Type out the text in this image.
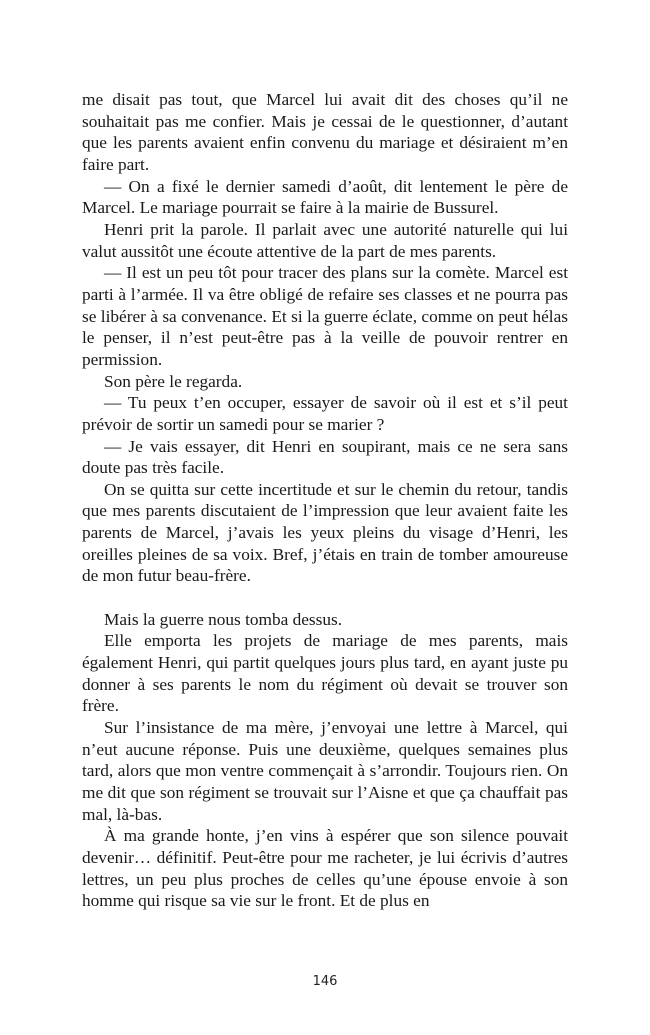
me disait pas tout, que Marcel lui avait dit des choses qu’il ne souhaitait pas me confier. Mais je cessai de le questionner, d’autant que les parents avaient enfin convenu du mariage et désiraient m’en faire part.

— On a fixé le dernier samedi d’août, dit lentement le père de Marcel. Le mariage pourrait se faire à la mairie de Bussurel.

Henri prit la parole. Il parlait avec une autorité naturelle qui lui valut aussitôt une écoute attentive de la part de mes parents.

— Il est un peu tôt pour tracer des plans sur la comète. Marcel est parti à l’armée. Il va être obligé de refaire ses classes et ne pourra pas se libérer à sa convenance. Et si la guerre éclate, comme on peut hélas le penser, il n’est peut-être pas à la veille de pouvoir rentrer en permission.

Son père le regarda.

— Tu peux t’en occuper, essayer de savoir où il est et s’il peut prévoir de sortir un samedi pour se marier ?

— Je vais essayer, dit Henri en soupirant, mais ce ne sera sans doute pas très facile.

On se quitta sur cette incertitude et sur le chemin du retour, tandis que mes parents discutaient de l’impression que leur avaient faite les parents de Marcel, j’avais les yeux pleins du visage d’Henri, les oreilles pleines de sa voix. Bref, j’étais en train de tomber amoureuse de mon futur beau-frère.

Mais la guerre nous tomba dessus.

Elle emporta les projets de mariage de mes parents, mais également Henri, qui partit quelques jours plus tard, en ayant juste pu donner à ses parents le nom du régiment où devait se trouver son frère.

Sur l’insistance de ma mère, j’envoyai une lettre à Marcel, qui n’eut aucune réponse. Puis une deuxième, quelques semaines plus tard, alors que mon ventre commençait à s’arrondir. Toujours rien. On me dit que son régiment se trouvait sur l’Aisne et que ça chauffait pas mal, là-bas.

À ma grande honte, j’en vins à espérer que son silence pouvait devenir… définitif. Peut-être pour me racheter, je lui écrivis d’autres lettres, un peu plus proches de celles qu’une épouse envoie à son homme qui risque sa vie sur le front. Et de plus en

146
